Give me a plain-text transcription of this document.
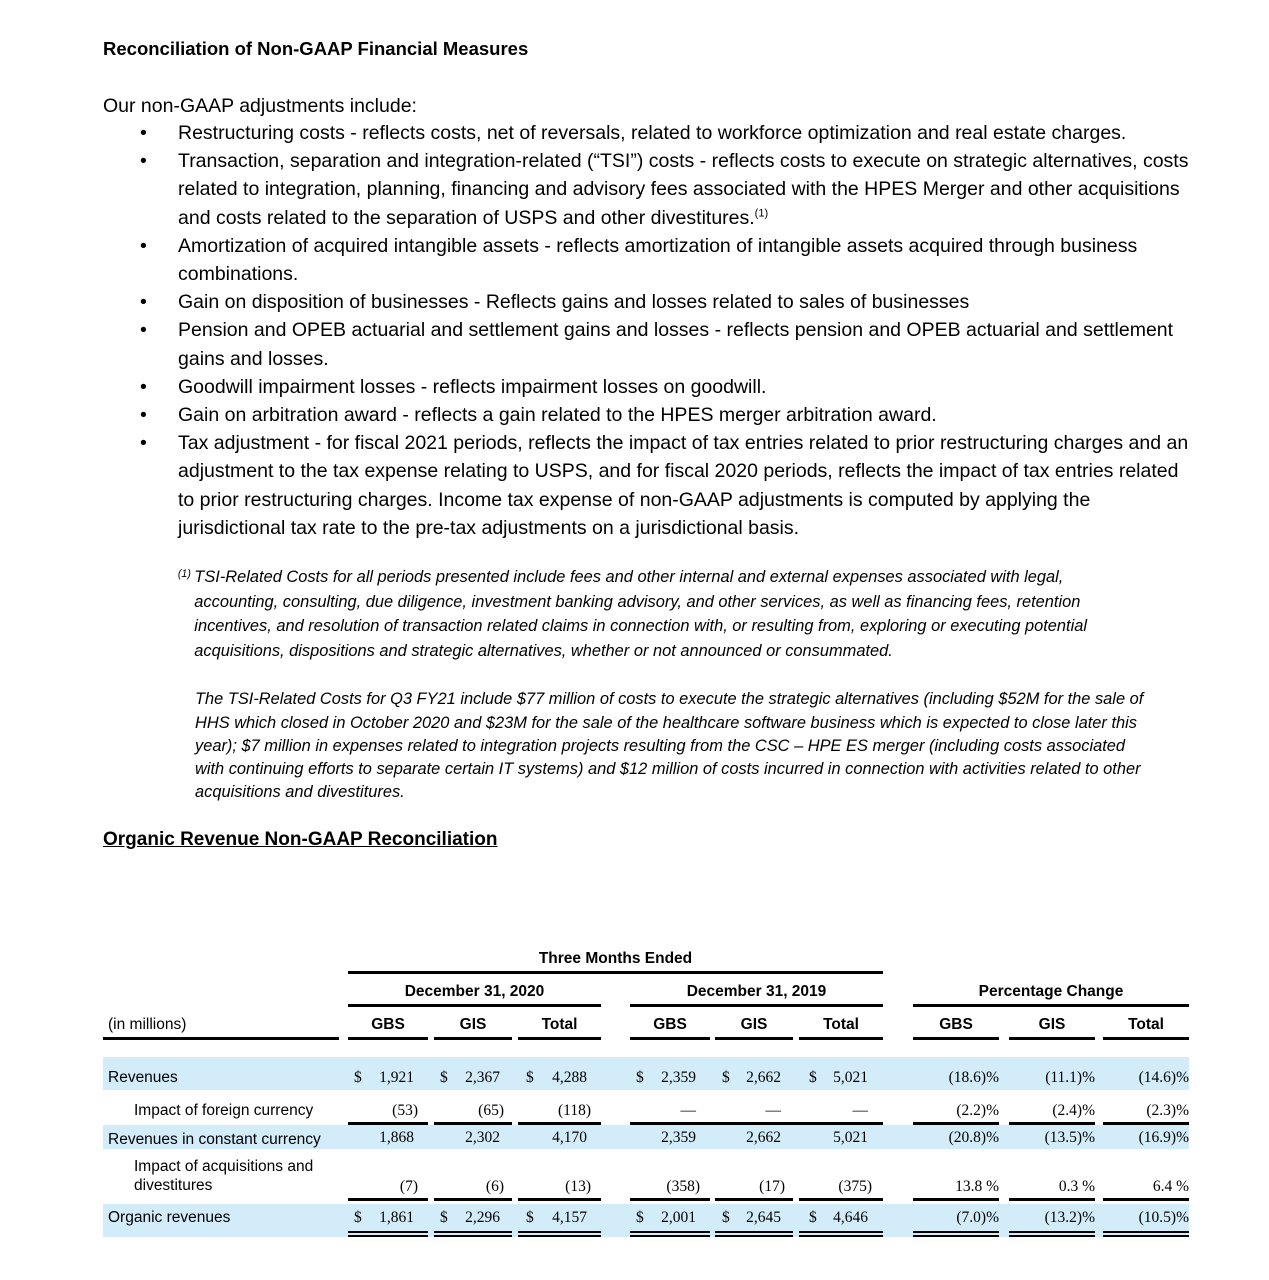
Reconciliation of Non-GAAP Financial Measures

Our non-GAAP adjustments include:

• Restructuring costs - reflects costs, net of reversals, related to workforce optimization and real estate charges.
• Transaction, separation and integration-related (“TSI”) costs - reflects costs to execute on strategic alternatives, costs related to integration, planning, financing and advisory fees associated with the HPES Merger and other acquisitions and costs related to the separation of USPS and other divestitures.$^{(1)}$
• Amortization of acquired intangible assets - reflects amortization of intangible assets acquired through business combinations.
• Gain on disposition of businesses - Reflects gains and losses related to sales of businesses
• Pension and OPEB actuarial and settlement gains and losses - reflects pension and OPEB actuarial and settlement gains and losses.
• Goodwill impairment losses - reflects impairment losses on goodwill.
• Gain on arbitration award - reflects a gain related to the HPES merger arbitration award.
• Tax adjustment - for fiscal 2021 periods, reflects the impact of tax entries related to prior restructuring charges and an adjustment to the tax expense relating to USPS, and for fiscal 2020 periods, reflects the impact of tax entries related to prior restructuring charges. Income tax expense of non-GAAP adjustments is computed by applying the jurisdictional tax rate to the pre-tax adjustments on a jurisdictional basis.
(1) TSI-Related Costs for all periods presented include fees and other internal and external expenses associated with legal, accounting, consulting, due diligence, investment banking advisory, and other services, as well as financing fees, retention incentives, and resolution of transaction related claims in connection with, or resulting from, exploring or executing potential acquisitions, dispositions and strategic alternatives, whether or not announced or consummated.
The TSI-Related Costs for Q3 FY21 include $77 million of costs to execute the strategic alternatives (including $52M for the sale of HHS which closed in October 2020 and $23M for the sale of the healthcare software business which is expected to close later this year); $7 million in expenses related to integration projects resulting from the CSC – HPE ES merger (including costs associated with continuing efforts to separate certain IT systems) and $12 million of costs incurred in connection with activities related to other acquisitions and divestitures.
Organic Revenue Non-GAAP Reconciliation
Three Months Ended
December 31, 2020	December 31, 2019	Percentage Change
(in millions)	GBS	GIS	Total	GBS	GIS	Total	GBS	GIS	Total
Revenues	$	1,921 $	2,367 $	4,288	$	2,359 $	2,662 $	5,021	(18.6)%	(11.1)%	(14.6)%
Impact of foreign currency	(53)	(65)	(118)	—	—	—	(2.2)%	(2.4)%	(2.3)%
Revenues in constant currency	1,868	2,302	4,170	2,359	2,662	5,021	(20.8)%	(13.5)%	(16.9)%
Impact of acquisitions and
divestitures	(7)	(6)	(13)	(358)	(17)	(375)	13.8 %	0.3 %	6.4 %
Organic revenues	$	1,861 $	2,296 $	4,157	$	2,001 $	2,645 $	4,646	(7.0)%	(13.2)%	(10.5)%
